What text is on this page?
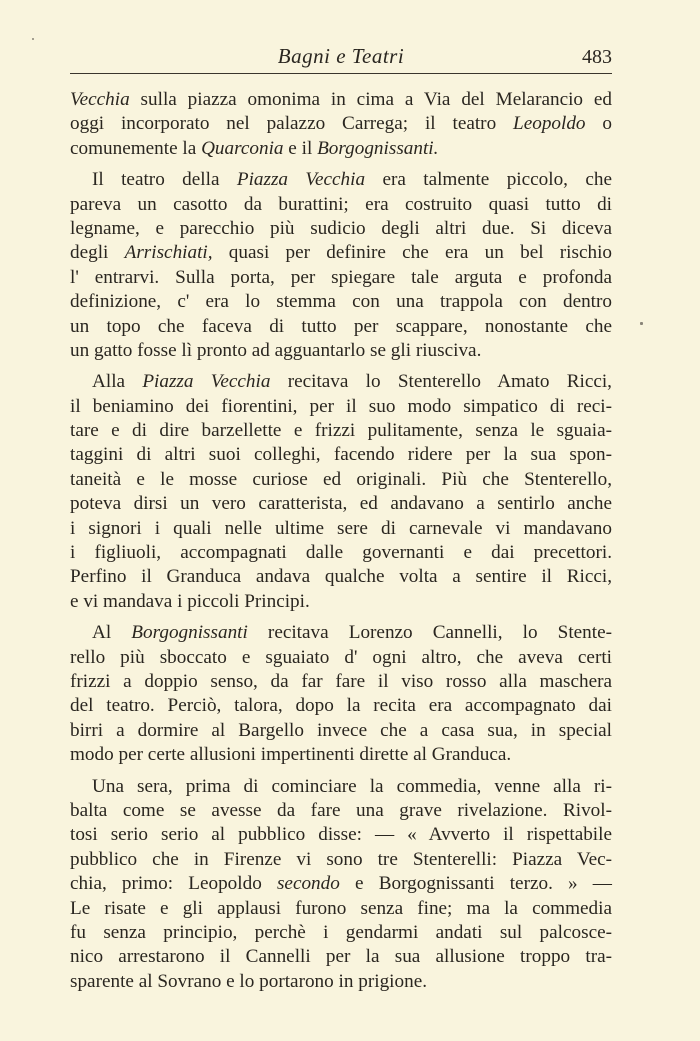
Bagni e Teatri	483
Vecchia sulla piazza omonima in cima a Via del Melarancio ed
oggi incorporato nel palazzo Carrega; il teatro Leopoldo o
comunemente la Quarconia e il Borgognissanti.
Il teatro della Piazza Vecchia era talmente piccolo, che
pareva un casotto da burattini; era costruito quasi tutto di
legname, e parecchio più sudicio degli altri due. Si diceva
degli Arrischiati, quasi per definire che era un bel rischio
l' entrarvi. Sulla porta, per spiegare tale arguta e profonda
definizione, c' era lo stemma con una trappola con dentro
un topo che faceva di tutto per scappare, nonostante che
un gatto fosse lì pronto ad agguantarlo se gli riusciva.
Alla Piazza Vecchia recitava lo Stenterello Amato Ricci,
il beniamino dei fiorentini, per il suo modo simpatico di reci-
tare e di dire barzellette e frizzi pulitamente, senza le sguaia-
taggini di altri suoi colleghi, facendo ridere per la sua spon-
taneità e le mosse curiose ed originali. Più che Stenterello,
poteva dirsi un vero caratterista, ed andavano a sentirlo anche
i signori i quali nelle ultime sere di carnevale vi mandavano
i figliuoli, accompagnati dalle governanti e dai precettori.
Perfino il Granduca andava qualche volta a sentire il Ricci,
e vi mandava i piccoli Principi.
Al Borgognissanti recitava Lorenzo Cannelli, lo Stente-
rello più sboccato e sguaiato d' ogni altro, che aveva certi
frizzi a doppio senso, da far fare il viso rosso alla maschera
del teatro. Perciò, talora, dopo la recita era accompagnato dai
birri a dormire al Bargello invece che a casa sua, in special
modo per certe allusioni impertinenti dirette al Granduca.
Una sera, prima di cominciare la commedia, venne alla ri-
balta come se avesse da fare una grave rivelazione. Rivol-
tosi serio serio al pubblico disse: — « Avverto il rispettabile
pubblico che in Firenze vi sono tre Stenterelli: Piazza Vec-
chia, primo: Leopoldo secondo e Borgognissanti terzo. » —
Le risate e gli applausi furono senza fine; ma la commedia
fu senza principio, perchè i gendarmi andati sul palcosce-
nico arrestarono il Cannelli per la sua allusione troppo tra-
sparente al Sovrano e lo portarono in prigione.
